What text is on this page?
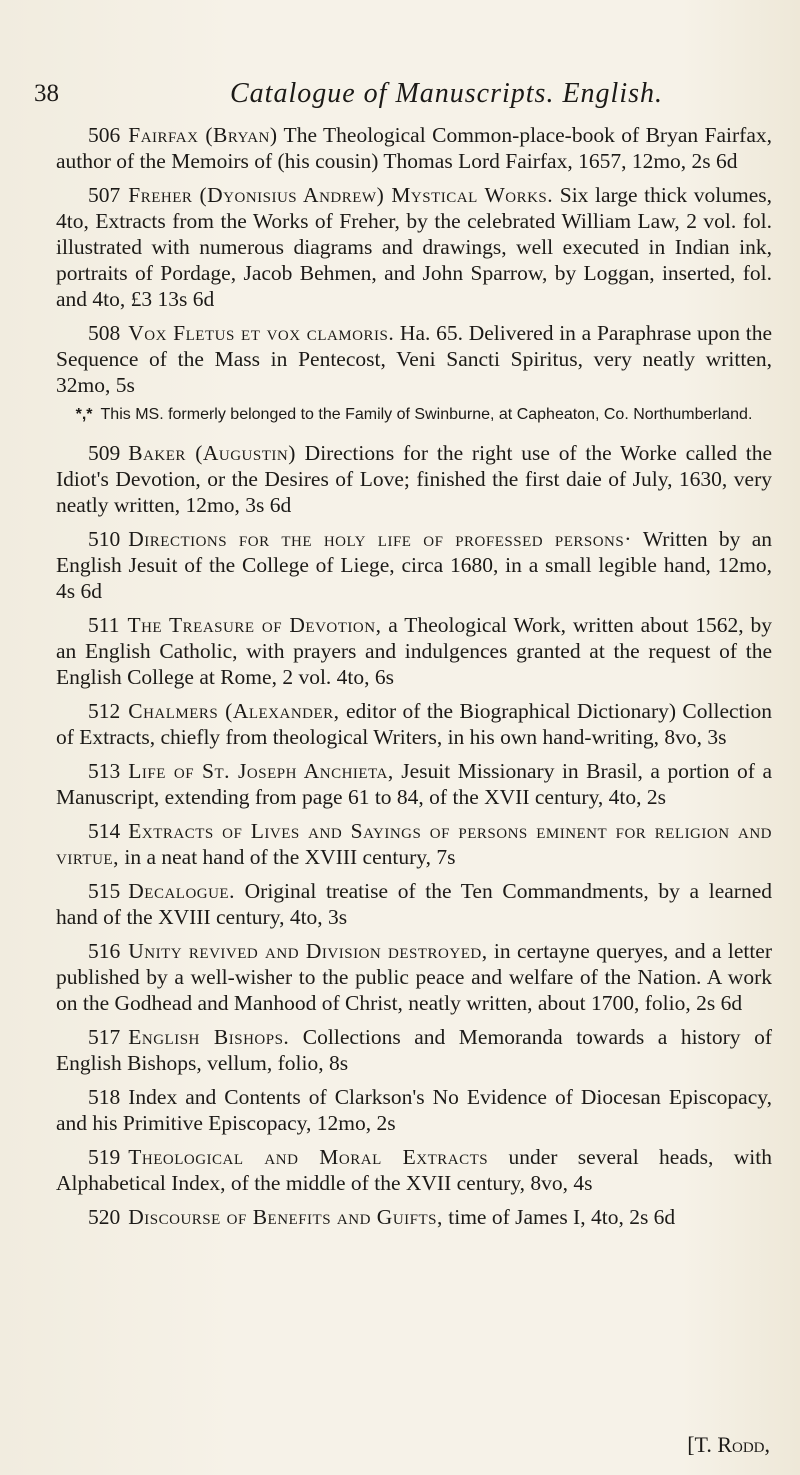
38	Catalogue of Manuscripts. English.

506 Fairfax (Bryan) The Theological Common-place-book of Bryan Fairfax, author of the Memoirs of (his cousin) Thomas Lord Fairfax, 1657, 12mo, 2s 6d

507 Freher (Dyonisius Andrew) Mystical Works. Six large thick volumes, 4to, Extracts from the Works of Freher, by the celebrated William Law, 2 vol. fol. illustrated with numerous diagrams and drawings, well executed in Indian ink, portraits of Pordage, Jacob Behmen, and John Sparrow, by Loggan, inserted, fol. and 4to, £3 13s 6d

508 Vox Fletus et vox clamoris. Ha. 65. Delivered in a Paraphrase upon the Sequence of the Mass in Pentecost, Veni Sancti Spiritus, very neatly written, 32mo, 5s

*,* This MS. formerly belonged to the Family of Swinburne, at Capheaton, Co. Northumberland.

509 Baker (Augustin) Directions for the right use of the Worke called the Idiot's Devotion, or the Desires of Love; finished the first daie of July, 1630, very neatly written, 12mo, 3s 6d

510 Directions for the holy life of professed persons· Written by an English Jesuit of the College of Liege, circa 1680, in a small legible hand, 12mo, 4s 6d

511 The Treasure of Devotion, a Theological Work, written about 1562, by an English Catholic, with prayers and indulgences granted at the request of the English College at Rome, 2 vol. 4to, 6s

512 Chalmers (Alexander, editor of the Biographical Dictionary) Collection of Extracts, chiefly from theological Writers, in his own hand-writing, 8vo, 3s

513 Life of St. Joseph Anchieta, Jesuit Missionary in Brasil, a portion of a Manuscript, extending from page 61 to 84, of the XVII century, 4to, 2s

514 Extracts of Lives and Sayings of persons eminent for religion and virtue, in a neat hand of the XVIII century, 7s

515 Decalogue. Original treatise of the Ten Commandments, by a learned hand of the XVIII century, 4to, 3s

516 Unity revived and Division destroyed, in certayne queryes, and a letter published by a well-wisher to the public peace and welfare of the Nation. A work on the Godhead and Manhood of Christ, neatly written, about 1700, folio, 2s 6d

517 English Bishops. Collections and Memoranda towards a history of English Bishops, vellum, folio, 8s

518 Index and Contents of Clarkson's No Evidence of Diocesan Episcopacy, and his Primitive Episcopacy, 12mo, 2s

519 Theological and Moral Extracts under several heads, with Alphabetical Index, of the middle of the XVII century, 8vo, 4s

520 Discourse of Benefits and Guifts, time of James I, 4to, 2s 6d

[T. Rodd,
